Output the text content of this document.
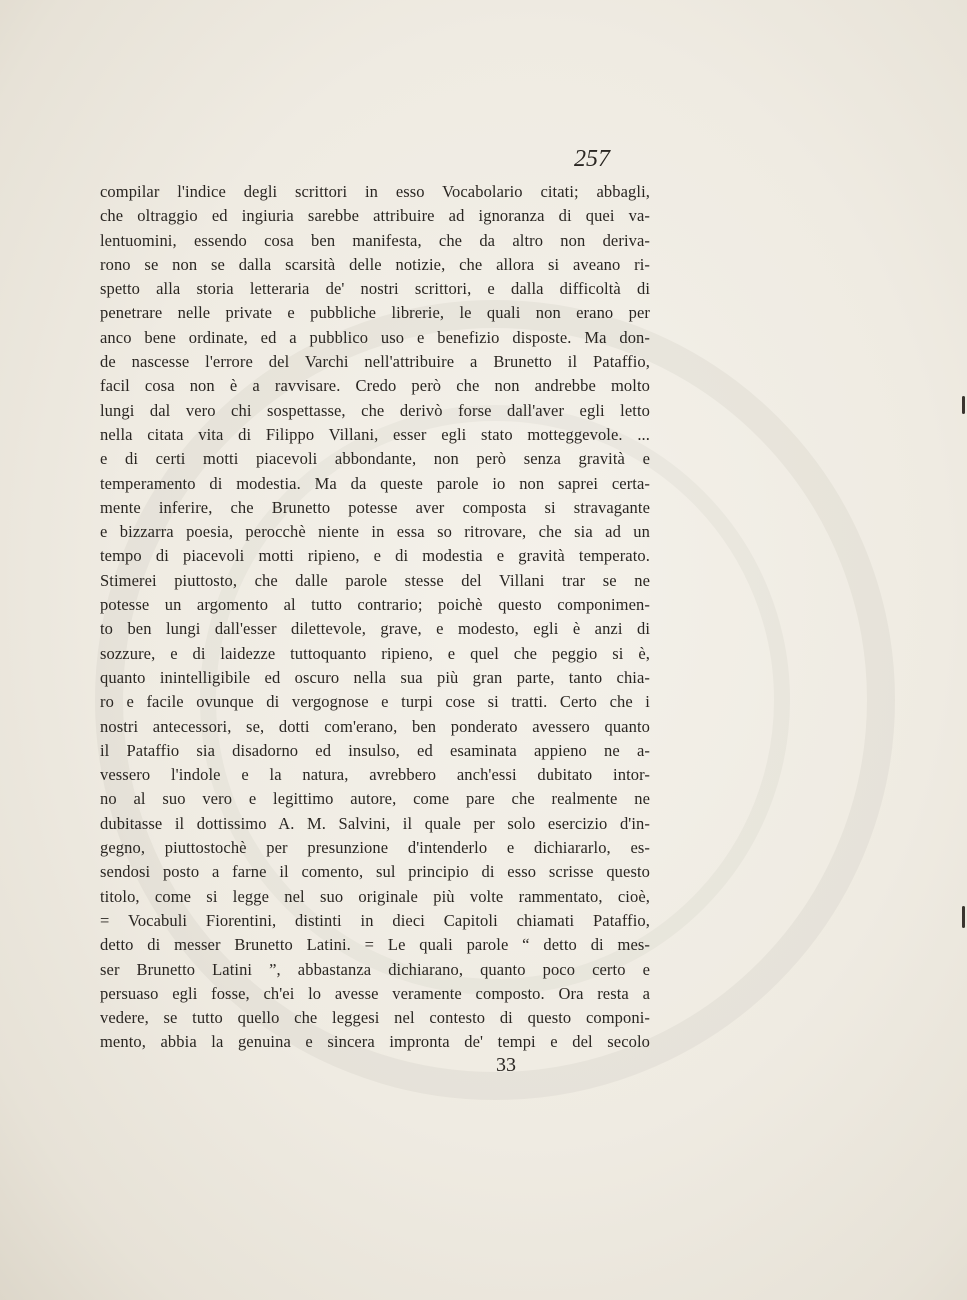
257
compilar l'indice degli scrittori in esso Vocabolario citati; abbagli,
che oltraggio ed ingiuria sarebbe attribuire ad ignoranza di quei va-
lentuomini, essendo cosa ben manifesta, che da altro non deriva-
rono se non se dalla scarsità delle notizie, che allora si aveano ri-
spetto alla storia letteraria de' nostri scrittori, e dalla difficoltà di
penetrare nelle private e pubbliche librerie, le quali non erano per
anco bene ordinate, ed a pubblico uso e benefizio disposte. Ma don-
de nascesse l'errore del Varchi nell'attribuire a Brunetto il Pataffio,
facil cosa non è a ravvisare. Credo però che non andrebbe molto
lungi dal vero chi sospettasse, che derivò forse dall'aver egli letto
nella citata vita di Filippo Villani, esser egli stato motteggevole. ...
e di certi motti piacevoli abbondante, non però senza gravità e
temperamento di modestia. Ma da queste parole io non saprei certa-
mente inferire, che Brunetto potesse aver composta si stravagante
e bizzarra poesia, perocchè niente in essa so ritrovare, che sia ad un
tempo di piacevoli motti ripieno, e di modestia e gravità temperato.
Stimerei piuttosto, che dalle parole stesse del Villani trar se ne
potesse un argomento al tutto contrario; poichè questo componimen-
to ben lungi dall'esser dilettevole, grave, e modesto, egli è anzi di
sozzure, e di laidezze tuttoquanto ripieno, e quel che peggio si è,
quanto inintelligibile ed oscuro nella sua più gran parte, tanto chia-
ro e facile ovunque di vergognose e turpi cose si tratti. Certo che i
nostri antecessori, se, dotti com'erano, ben ponderato avessero quanto
il Pataffio sia disadorno ed insulso, ed esaminata appieno ne a-
vessero l'indole e la natura, avrebbero anch'essi dubitato intor-
no al suo vero e legittimo autore, come pare che realmente ne
dubitasse il dottissimo A. M. Salvini, il quale per solo esercizio d'in-
gegno, piuttostochè per presunzione d'intenderlo e dichiararlo, es-
sendosi posto a farne il comento, sul principio di esso scrisse questo
titolo, come si legge nel suo originale più volte rammentato, cioè,
= Vocabuli Fiorentini, distinti in dieci Capitoli chiamati Pataffio,
detto di messer Brunetto Latini. = Le quali parole “ detto di mes-
ser Brunetto Latini ”, abbastanza dichiarano, quanto poco certo e
persuaso egli fosse, ch'ei lo avesse veramente composto. Ora resta a
vedere, se tutto quello che leggesi nel contesto di questo componi-
mento, abbia la genuina e sincera impronta de' tempi e del secolo
33
